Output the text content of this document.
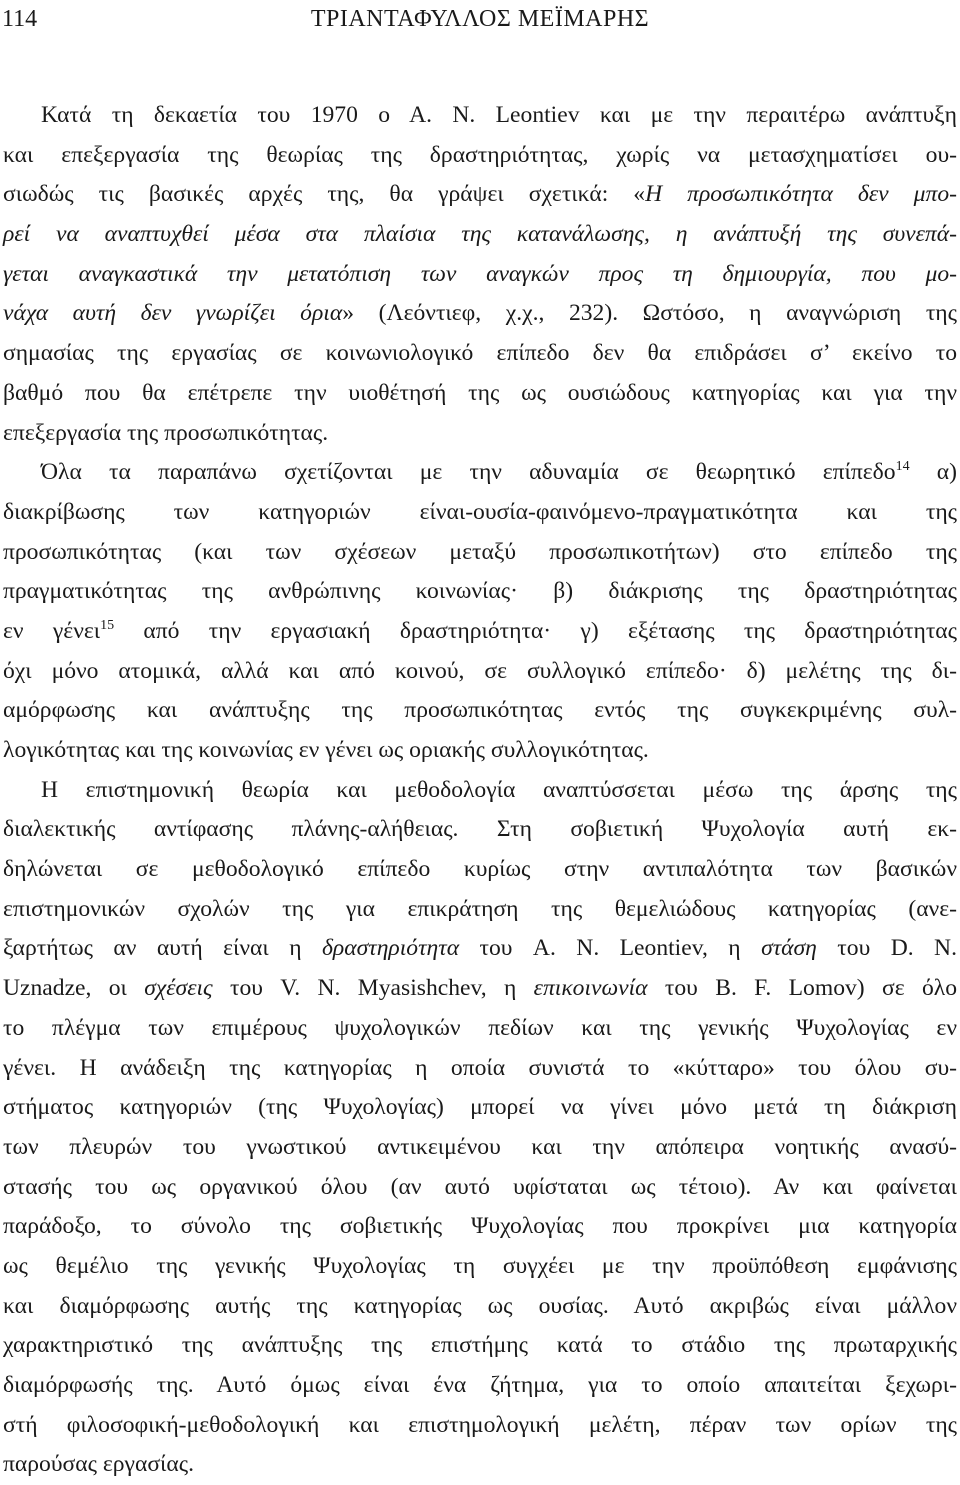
114	ΤΡΙΑΝΤΑΦΥΛΛΟΣ ΜΕΪΜΑΡΗΣ
Κατά τη δεκαετία του 1970 ο Α. Ν. Leontiev και με την περαιτέρω ανάπτυξη
και επεξεργασία της θεωρίας της δραστηριότητας, χωρίς να μετασχηματίσει ου-
σιωδώς τις βασικές αρχές της, θα γράψει σχετικά: «Η προσωπικότητα δεν μπο-
ρεί να αναπτυχθεί μέσα στα πλαίσια της κατανάλωσης, η ανάπτυξή της συνεπά-
γεται αναγκαστικά την μετατόπιση των αναγκών προς τη δημιουργία, που μο-
νάχα αυτή δεν γνωρίζει όρια» (Λεόντιεφ, χ.χ., 232). Ωστόσο, η αναγνώριση της
σημασίας της εργασίας σε κοινωνιολογικό επίπεδο δεν θα επιδράσει σ’ εκείνο το
βαθμό που θα επέτρεπε την υιοθέτησή της ως ουσιώδους κατηγορίας και για την
επεξεργασία της προσωπικότητας.
Όλα τα παραπάνω σχετίζονται με την αδυναμία σε θεωρητικό επίπεδο$^{14}$ α)
διακρίβωσης των κατηγοριών είναι-ουσία-φαινόμενο-πραγματικότητα και της
προσωπικότητας (και των σχέσεων μεταξύ προσωπικοτήτων) στο επίπεδο της
πραγματικότητας της ανθρώπινης κοινωνίας· β) διάκρισης της δραστηριότητας
εν γένει$^{15}$ από την εργασιακή δραστηριότητα· γ) εξέτασης της δραστηριότητας
όχι μόνο ατομικά, αλλά και από κοινού, σε συλλογικό επίπεδο· δ) μελέτης της δι-
αμόρφωσης και ανάπτυξης της προσωπικότητας εντός της συγκεκριμένης συλ-
λογικότητας και της κοινωνίας εν γένει ως οριακής συλλογικότητας.
Η επιστημονική θεωρία και μεθοδολογία αναπτύσσεται μέσω της άρσης της
διαλεκτικής αντίφασης πλάνης-αλήθειας. Στη σοβιετική Ψυχολογία αυτή εκ-
δηλώνεται σε μεθοδολογικό επίπεδο κυρίως στην αντιπαλότητα των βασικών
επιστημονικών σχολών της για επικράτηση της θεμελιώδους κατηγορίας (ανε-
ξαρτήτως αν αυτή είναι η δραστηριότητα του A. N. Leontiev, η στάση του D. N.
Uznadze, οι σχέσεις του V. N. Myasishchev, η επικοινωνία του B. F. Lomov) σε όλο
το πλέγμα των επιμέρους ψυχολογικών πεδίων και της γενικής Ψυχολογίας εν
γένει. Η ανάδειξη της κατηγορίας η οποία συνιστά το «κύτταρο» του όλου συ-
στήματος κατηγοριών (της Ψυχολογίας) μπορεί να γίνει μόνο μετά τη διάκριση
των πλευρών του γνωστικού αντικειμένου και την απόπειρα νοητικής ανασύ-
στασής του ως οργανικού όλου (αν αυτό υφίσταται ως τέτοιο). Αν και φαίνεται
παράδοξο, το σύνολο της σοβιετικής Ψυχολογίας που προκρίνει μια κατηγορία
ως θεμέλιο της γενικής Ψυχολογίας τη συγχέει με την προϋπόθεση εμφάνισης
και διαμόρφωσης αυτής της κατηγορίας ως ουσίας. Αυτό ακριβώς είναι μάλλον
χαρακτηριστικό της ανάπτυξης της επιστήμης κατά το στάδιο της πρωταρχικής
διαμόρφωσής της. Αυτό όμως είναι ένα ζήτημα, για το οποίο απαιτείται ξεχωρι-
στή φιλοσοφική-μεθοδολογική και επιστημολογική μελέτη, πέραν των ορίων της
παρούσας εργασίας.
